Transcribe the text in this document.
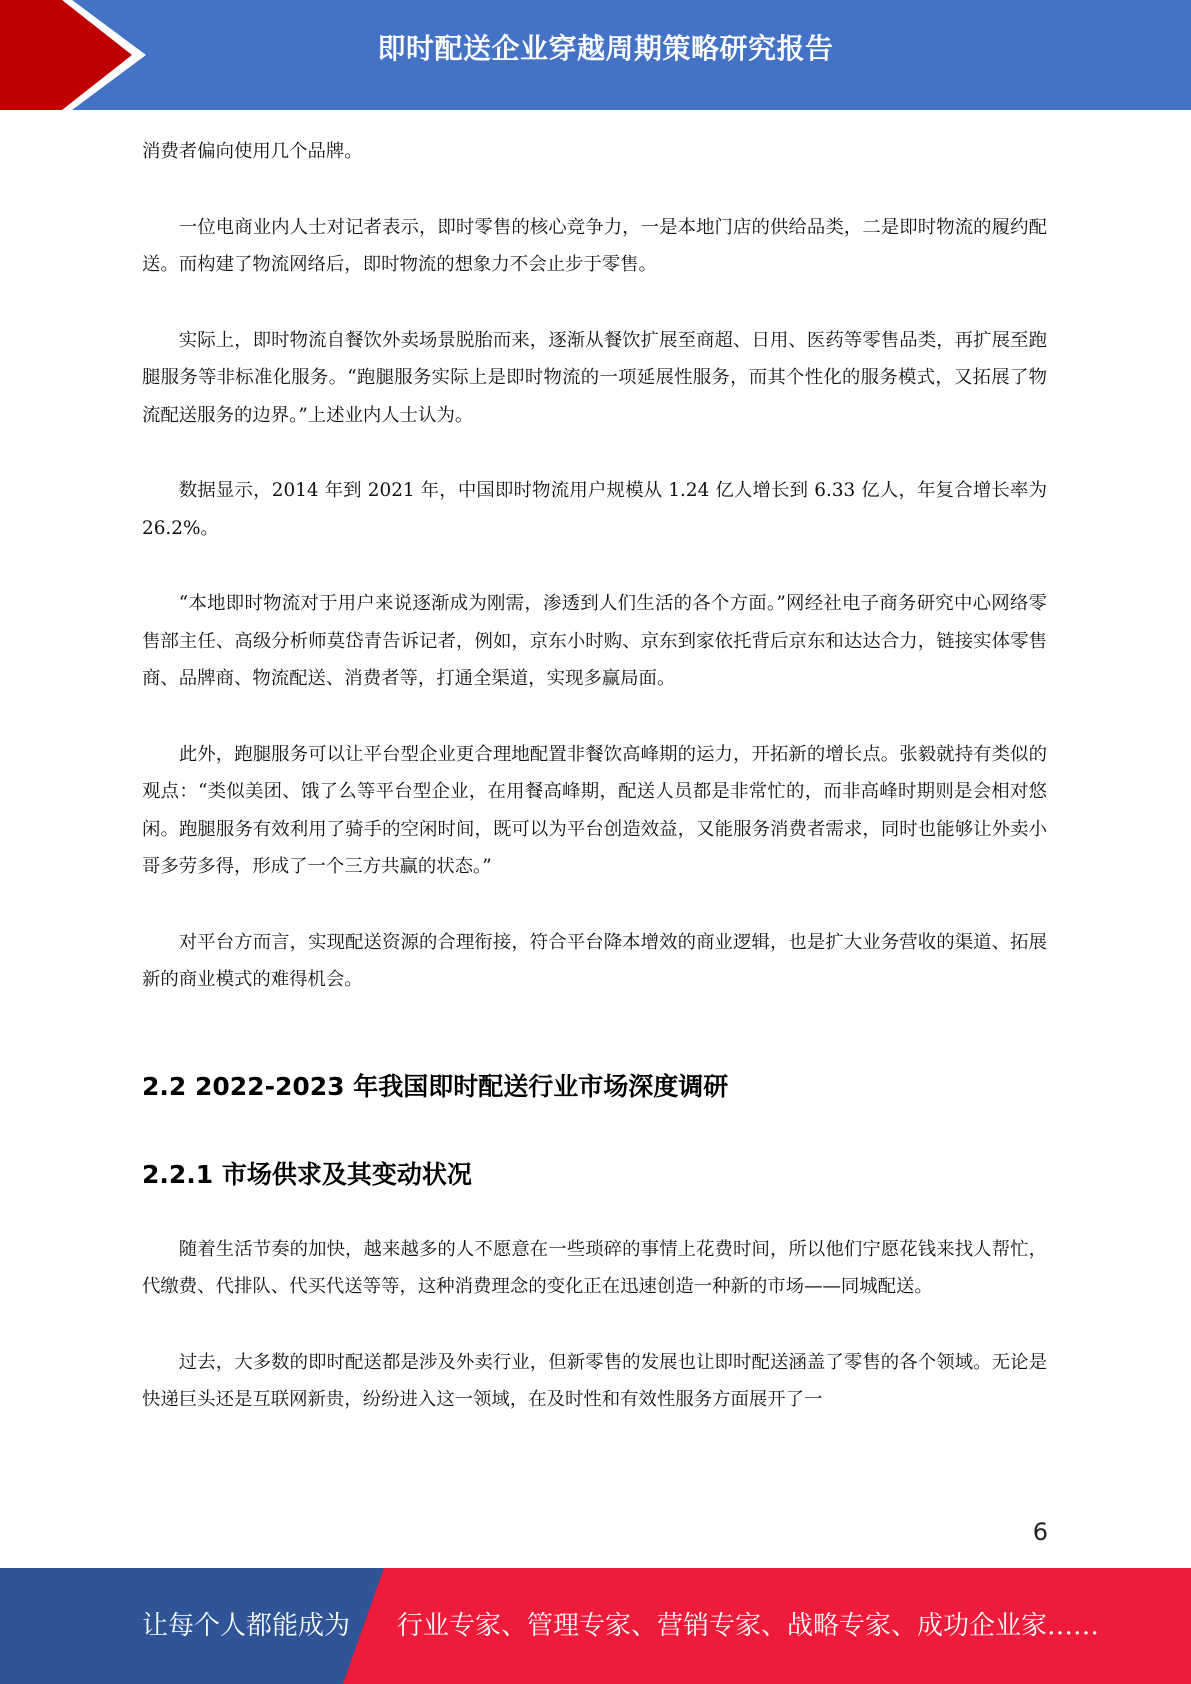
即时配送企业穿越周期策略研究报告

消费者偏向使用几个品牌。

一位电商业内人士对记者表示，即时零售的核心竞争力，一是本地门店的供给品类，二是即时物流的履约配送。而构建了物流网络后，即时物流的想象力不会止步于零售。

实际上，即时物流自餐饮外卖场景脱胎而来，逐渐从餐饮扩展至商超、日用、医药等零售品类，再扩展至跑腿服务等非标准化服务。“跑腿服务实际上是即时物流的一项延展性服务，而其个性化的服务模式，又拓展了物流配送服务的边界。”上述业内人士认为。

数据显示，2014 年到 2021 年，中国即时物流用户规模从 1.24 亿人增长到 6.33 亿人，年复合增长率为 26.2%。

“本地即时物流对于用户来说逐渐成为刚需，渗透到人们生活的各个方面。”网经社电子商务研究中心网络零售部主任、高级分析师莫岱青告诉记者，例如，京东小时购、京东到家依托背后京东和达达合力，链接实体零售商、品牌商、物流配送、消费者等，打通全渠道，实现多赢局面。

此外，跑腿服务可以让平台型企业更合理地配置非餐饮高峰期的运力，开拓新的增长点。张毅就持有类似的观点：“类似美团、饿了么等平台型企业，在用餐高峰期，配送人员都是非常忙的，而非高峰时期则是会相对悠闲。跑腿服务有效利用了骑手的空闲时间，既可以为平台创造效益，又能服务消费者需求，同时也能够让外卖小哥多劳多得，形成了一个三方共赢的状态。”

对平台方而言，实现配送资源的合理衔接，符合平台降本增效的商业逻辑，也是扩大业务营收的渠道、拓展新的商业模式的难得机会。

2.2 2022-2023 年我国即时配送行业市场深度调研
2.2.1 市场供求及其变动状况

随着生活节奏的加快，越来越多的人不愿意在一些琐碎的事情上花费时间，所以他们宁愿花钱来找人帮忙，代缴费、代排队、代买代送等等，这种消费理念的变化正在迅速创造一种新的市场——同城配送。

过去，大多数的即时配送都是涉及外卖行业，但新零售的发展也让即时配送涵盖了零售的各个领域。无论是快递巨头还是互联网新贵，纷纷进入这一领域，在及时性和有效性服务方面展开了一

6
让每个人都能成为 行业专家、管理专家、营销专家、战略专家、成功企业家……
